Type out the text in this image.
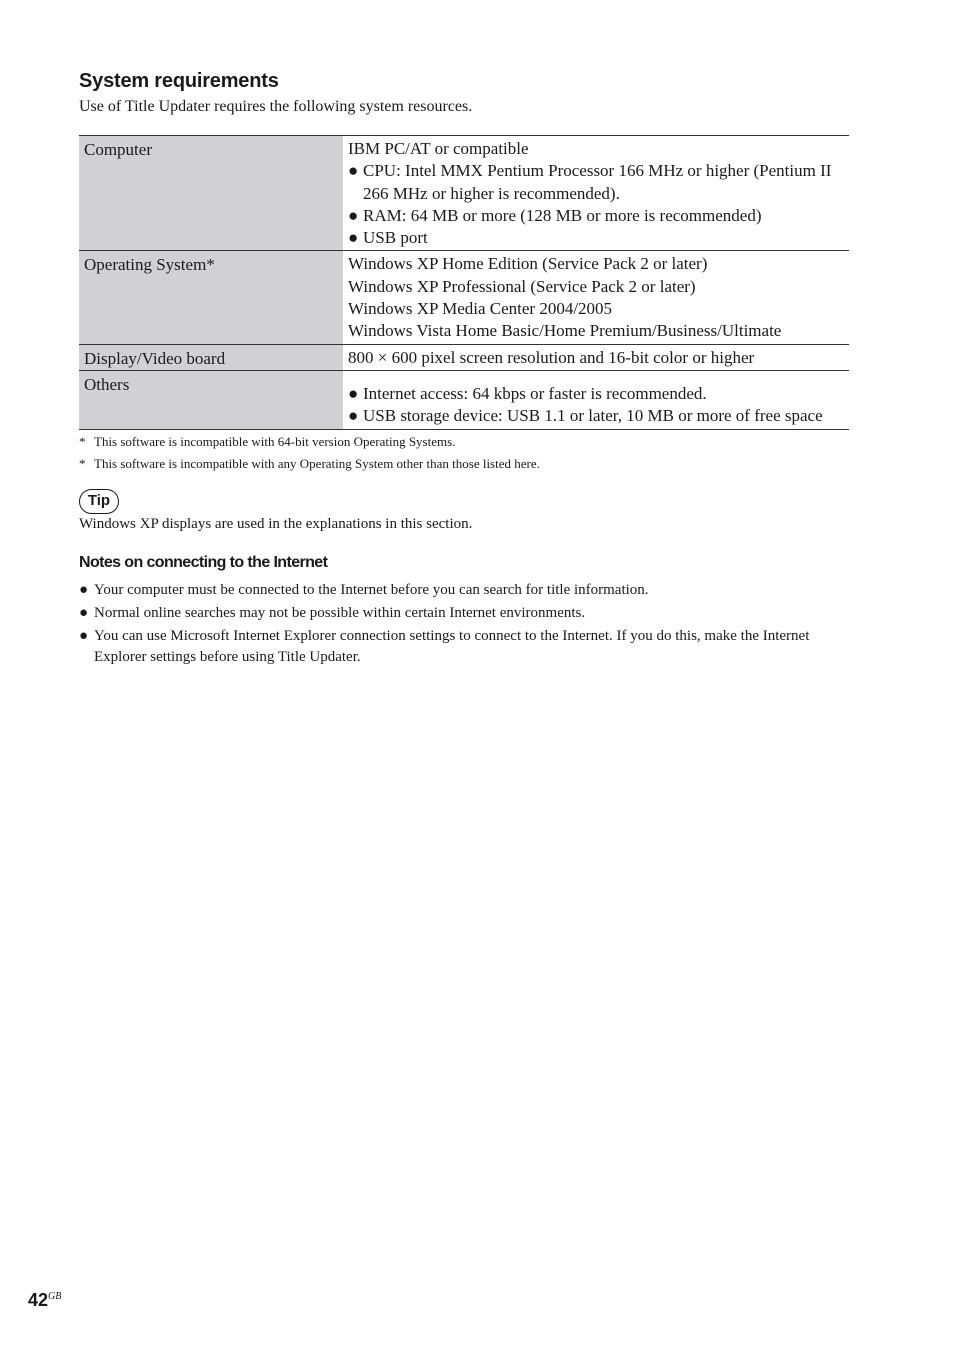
System requirements
Use of Title Updater requires the following system resources.
Computer	IBM PC/AT or compatible
● CPU: Intel MMX Pentium Processor 166 MHz or higher (Pentium II 266 MHz or higher is recommended).
● RAM: 64 MB or more (128 MB or more is recommended)
● USB port

Operating System*	Windows XP Home Edition (Service Pack 2 or later)
Windows XP Professional (Service Pack 2 or later)
Windows XP Media Center 2004/2005
Windows Vista Home Basic/Home Premium/Business/Ultimate

Display/Video board	800 × 600 pixel screen resolution and 16-bit color or higher

Others	● Internet access: 64 kbps or faster is recommended.
● USB storage device: USB 1.1 or later, 10 MB or more of free space
* This software is incompatible with 64-bit version Operating Systems.
* This software is incompatible with any Operating System other than those listed here.
Tip
Windows XP displays are used in the explanations in this section.
Notes on connecting to the Internet
● Your computer must be connected to the Internet before you can search for title information.
● Normal online searches may not be possible within certain Internet environments.
● You can use Microsoft Internet Explorer connection settings to connect to the Internet. If you do this, make the Internet Explorer settings before using Title Updater.
$42^{GB}$
